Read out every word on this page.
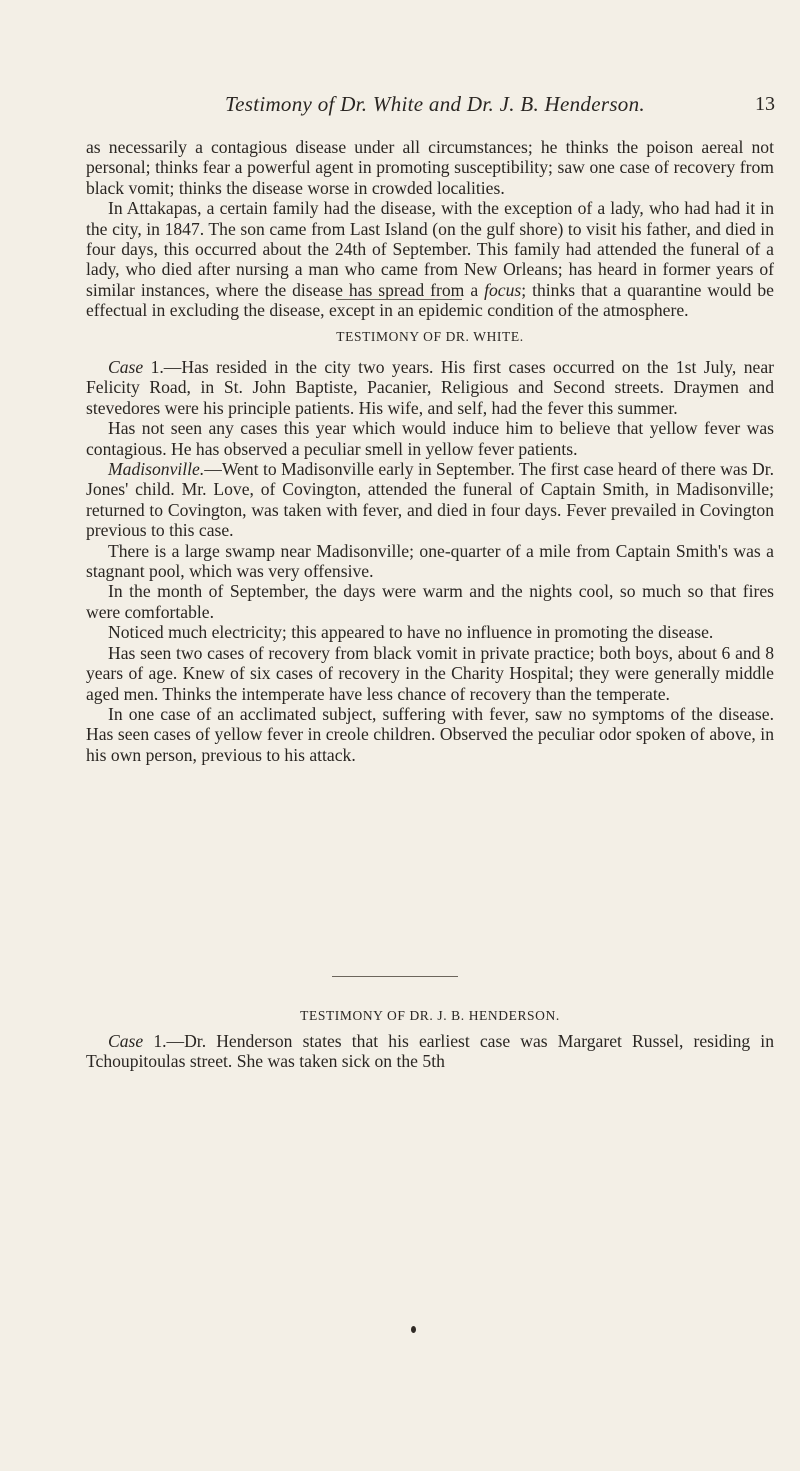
Testimony of Dr. White and Dr. J. B. Henderson.	13

as necessarily a contagious disease under all circumstances; he thinks the poison aereal not personal; thinks fear a powerful agent in promoting susceptibility; saw one case of recovery from black vomit; thinks the disease worse in crowded localities.

In Attakapas, a certain family had the disease, with the exception of a lady, who had had it in the city, in 1847. The son came from Last Island (on the gulf shore) to visit his father, and died in four days, this occurred about the 24th of September. This family had attended the funeral of a lady, who died after nursing a man who came from New Orleans; has heard in former years of similar instances, where the disease has spread from a focus; thinks that a quarantine would be effectual in excluding the disease, except in an epidemic condition of the atmosphere.

TESTIMONY OF DR. WHITE.

Case 1.—Has resided in the city two years. His first cases occurred on the 1st July, near Felicity Road, in St. John Baptiste, Pacanier, Religious and Second streets. Draymen and stevedores were his principle patients. His wife, and self, had the fever this summer.

Has not seen any cases this year which would induce him to believe that yellow fever was contagious. He has observed a peculiar smell in yellow fever patients.

Madisonville.—Went to Madisonville early in September. The first case heard of there was Dr. Jones' child. Mr. Love, of Covington, attended the funeral of Captain Smith, in Madisonville; returned to Covington, was taken with fever, and died in four days. Fever prevailed in Covington previous to this case.

There is a large swamp near Madisonville; one-quarter of a mile from Captain Smith's was a stagnant pool, which was very offensive.

In the month of September, the days were warm and the nights cool, so much so that fires were comfortable.

Noticed much electricity; this appeared to have no influence in promoting the disease.

Has seen two cases of recovery from black vomit in private practice; both boys, about 6 and 8 years of age. Knew of six cases of recovery in the Charity Hospital; they were generally middle aged men. Thinks the intemperate have less chance of recovery than the temperate.

In one case of an acclimated subject, suffering with fever, saw no symptoms of the disease. Has seen cases of yellow fever in creole children. Observed the peculiar odor spoken of above, in his own person, previous to his attack.

TESTIMONY OF DR. J. B. HENDERSON.

Case 1.—Dr. Henderson states that his earliest case was Margaret Russel, residing in Tchoupitoulas street. She was taken sick on the 5th
